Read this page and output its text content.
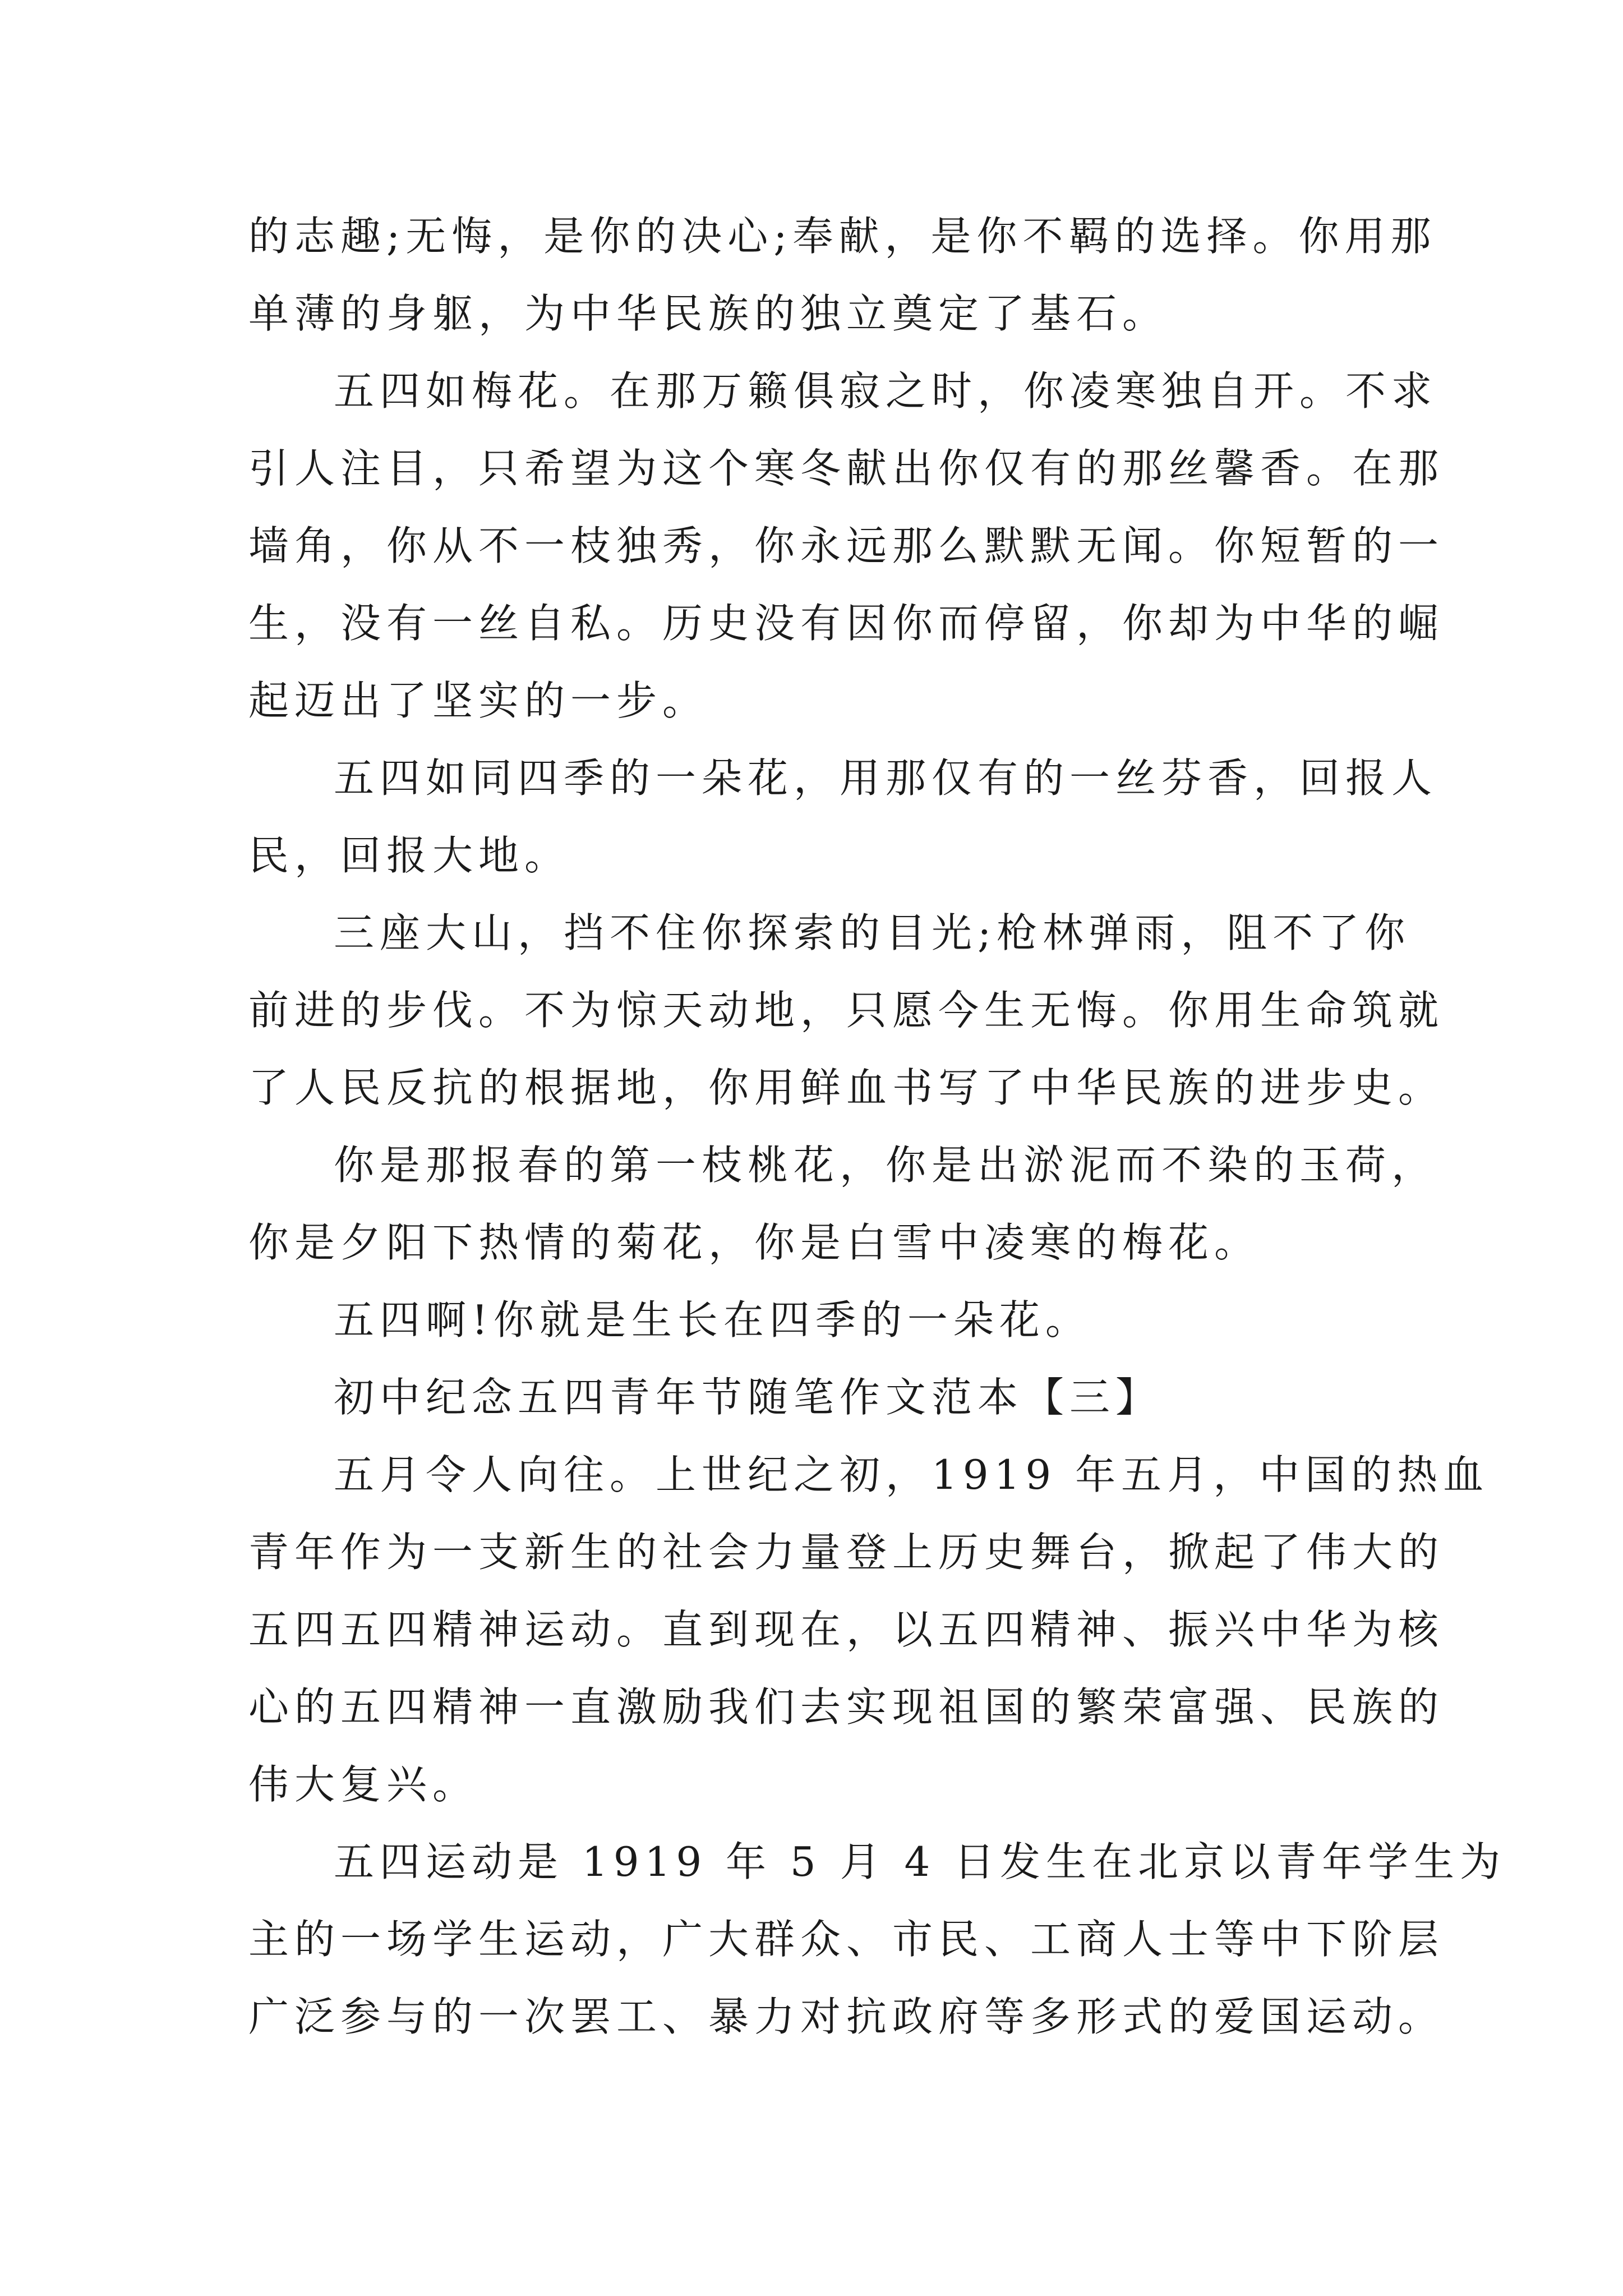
的志趣;无悔，是你的决心;奉献，是你不羁的选择。你用那
单薄的身躯，为中华民族的独立奠定了基石。
五四如梅花。在那万籁俱寂之时，你凌寒独自开。不求
引人注目，只希望为这个寒冬献出你仅有的那丝馨香。在那
墙角，你从不一枝独秀，你永远那么默默无闻。你短暂的一
生，没有一丝自私。历史没有因你而停留，你却为中华的崛
起迈出了坚实的一步。
五四如同四季的一朵花，用那仅有的一丝芬香，回报人
民，回报大地。
三座大山，挡不住你探索的目光;枪林弹雨，阻不了你
前进的步伐。不为惊天动地，只愿今生无悔。你用生命筑就
了人民反抗的根据地，你用鲜血书写了中华民族的进步史。
你是那报春的第一枝桃花，你是出淤泥而不染的玉荷，
你是夕阳下热情的菊花，你是白雪中凌寒的梅花。
五四啊!你就是生长在四季的一朵花。
初中纪念五四青年节随笔作文范本【三】
五月令人向往。上世纪之初，1919 年五月，中国的热血
青年作为一支新生的社会力量登上历史舞台，掀起了伟大的
五四五四精神运动。直到现在，以五四精神、振兴中华为核
心的五四精神一直激励我们去实现祖国的繁荣富强、民族的
伟大复兴。
五四运动是 1919 年 5 月 4 日发生在北京以青年学生为
主的一场学生运动，广大群众、市民、工商人士等中下阶层
广泛参与的一次罢工、暴力对抗政府等多形式的爱国运动。
